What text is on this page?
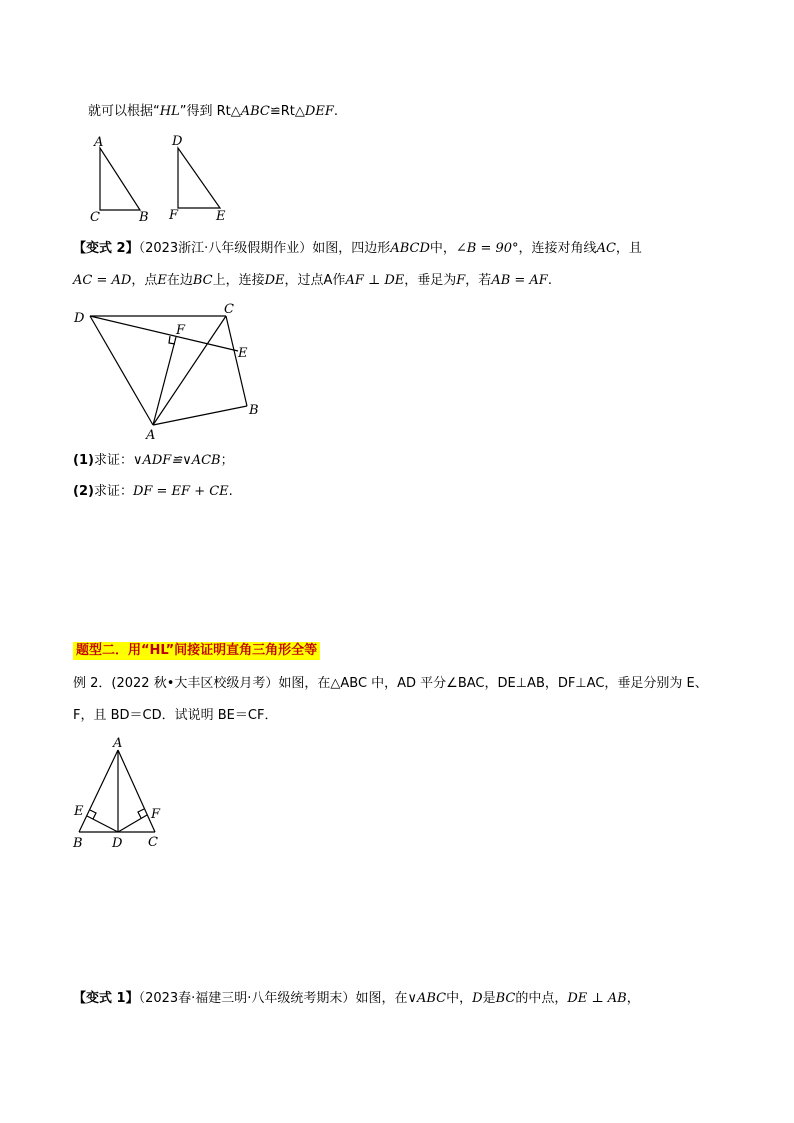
就可以根据“HL”得到 Rt△ABC≌Rt△DEF.
A
C	B
D
F	E
【变式 2】（2023浙江·八年级假期作业）如图，四边形ABCD中，∠B = 90°，连接对角线AC，且
AC = AD，点E在边BC上，连接DE，过点A作AF ⊥ DE，垂足为F，若AB = AF.
D
C
F
E
B
A
(1)求证：∨ADF≌∨ACB；
(2)求证：DF = EF + CE.
题型二．用“HL”间接证明直角三角形全等
例 2．(2022 秋•大丰区校级月考）如图，在△ABC 中，AD 平分∠BAC，DE⊥AB，DF⊥AC，垂足分别为 E、
F，且 BD＝CD．试说明 BE＝CF．
A
E	F
B D C
【变式 1】（2023春·福建三明·八年级统考期末）如图，在∨ABC中，D是BC的中点，DE ⊥ AB，
